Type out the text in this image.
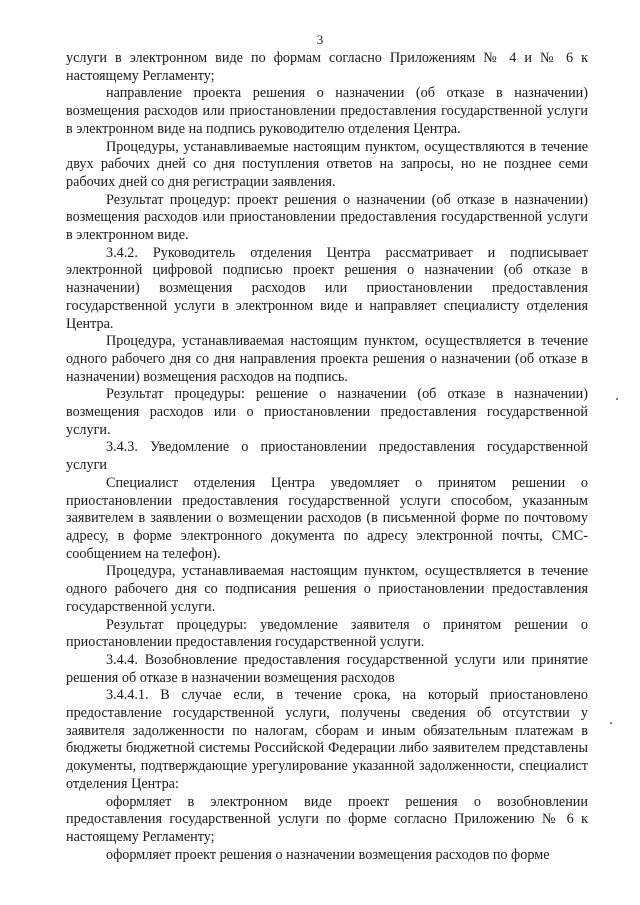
3

услуги в электронном виде по формам согласно Приложениям № 4 и № 6 к настоящему Регламенту;

направление проекта решения о назначении (об отказе в назначении) возмещения расходов или приостановлении предоставления государственной услуги в электронном виде на подпись руководителю отделения Центра.

Процедуры, устанавливаемые настоящим пунктом, осуществляются в течение двух рабочих дней со дня поступления ответов на запросы, но не позднее семи рабочих дней со дня регистрации заявления.

Результат процедур: проект решения о назначении (об отказе в назначении) возмещения расходов или приостановлении предоставления государственной услуги в электронном виде.

3.4.2. Руководитель отделения Центра рассматривает и подписывает электронной цифровой подписью проект решения о назначении (об отказе в назначении) возмещения расходов или приостановлении предоставления государственной услуги в электронном виде и направляет специалисту отделения Центра.

Процедура, устанавливаемая настоящим пунктом, осуществляется в течение одного рабочего дня со дня направления проекта решения о назначении (об отказе в назначении) возмещения расходов на подпись.

Результат процедуры: решение о назначении (об отказе в назначении) возмещения расходов или о приостановлении предоставления государственной услуги.

3.4.3. Уведомление о приостановлении предоставления государственной услуги

Специалист отделения Центра уведомляет о принятом решении о приостановлении предоставления государственной услуги способом, указанным заявителем в заявлении о возмещении расходов (в письменной форме по почтовому адресу, в форме электронного документа по адресу электронной почты, СМС-сообщением на телефон).

Процедура, устанавливаемая настоящим пунктом, осуществляется в течение одного рабочего дня со подписания решения о приостановлении предоставления государственной услуги.

Результат процедуры: уведомление заявителя о принятом решении о приостановлении предоставления государственной услуги.

3.4.4. Возобновление предоставления государственной услуги или принятие решения об отказе в назначении возмещения расходов

3.4.4.1. В случае если, в течение срока, на который приостановлено предоставление государственной услуги, получены сведения об отсутствии у заявителя задолженности по налогам, сборам и иным обязательным платежам в бюджеты бюджетной системы Российской Федерации либо заявителем представлены документы, подтверждающие урегулирование указанной задолженности, специалист отделения Центра:

оформляет в электронном виде проект решения о возобновлении предоставления государственной услуги по форме согласно Приложению № 6 к настоящему Регламенту;

оформляет проект решения о назначении возмещения расходов по форме
